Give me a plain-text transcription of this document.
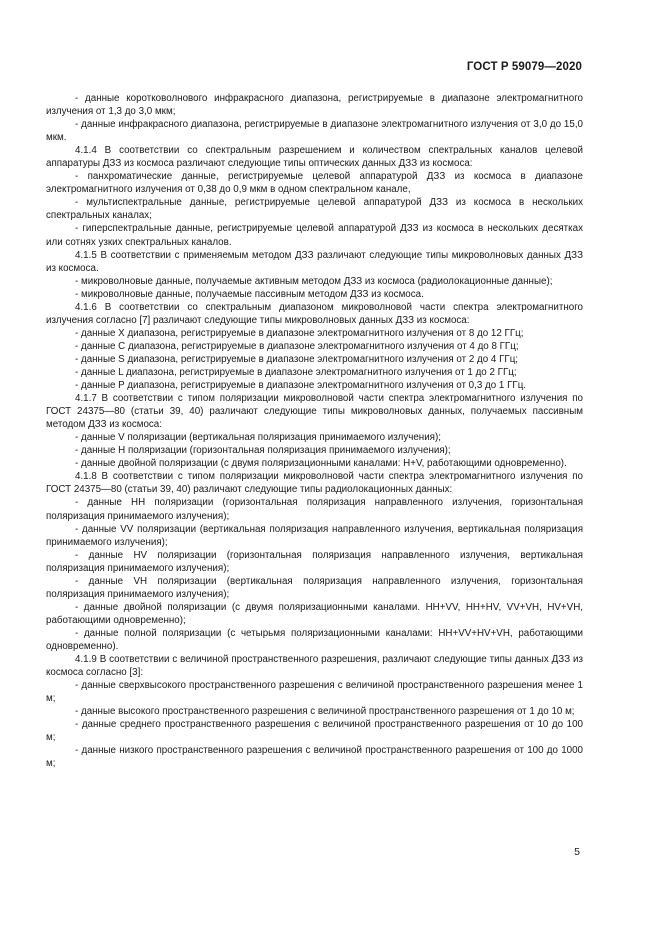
ГОСТ Р 59079—2020

- данные коротковолнового инфракрасного диапазона, регистрируемые в диапазоне электромагнитного излучения от 1,3 до 3,0 мкм;

- данные инфракрасного диапазона, регистрируемые в диапазоне электромагнитного излучения от 3,0 до 15,0 мкм.

4.1.4 В соответствии со спектральным разрешением и количеством спектральных каналов целевой аппаратуры ДЗЗ из космоса различают следующие типы оптических данных ДЗЗ из космоса:

- панхроматические данные, регистрируемые целевой аппаратурой ДЗЗ из космоса в диапазоне электромагнитного излучения от 0,38 до 0,9 мкм в одном спектральном канале,

- мультиспектральные данные, регистрируемые целевой аппаратурой ДЗЗ из космоса в нескольких спектральных каналах;

- гиперспектральные данные, регистрируемые целевой аппаратурой ДЗЗ из космоса в нескольких десятках или сотнях узких спектральных каналов.

4.1.5 В соответствии с применяемым методом ДЗЗ различают следующие типы микроволновых данных ДЗЗ из космоса.

- микроволновые данные, получаемые активным методом ДЗЗ из космоса (радиолокационные данные);

- микроволновые данные, получаемые пассивным методом ДЗЗ из космоса.

4.1.6 В соответствии со спектральным диапазоном микроволновой части спектра электромагнитного излучения согласно [7] различают следующие типы микроволновых данных ДЗЗ из космоса:

- данные X диапазона, регистрируемые в диапазоне электромагнитного излучения от 8 до 12 ГГц;

- данные C диапазона, регистрируемые в диапазоне электромагнитного излучения от 4 до 8 ГГц;

- данные S диапазона, регистрируемые в диапазоне электромагнитного излучения от 2 до 4 ГГц;

- данные L диапазона, регистрируемые в диапазоне электромагнитного излучения от 1 до 2 ГГц;

- данные P диапазона, регистрируемые в диапазоне электромагнитного излучения от 0,3 до 1 ГГц.

4.1.7 В соответствии с типом поляризации микроволновой части спектра электромагнитного излучения по ГОСТ 24375—80 (статьи 39, 40) различают следующие типы микроволновых данных, получаемых пассивным методом ДЗЗ из космоса:

- данные V поляризации (вертикальная поляризация принимаемого излучения);

- данные H поляризации (горизонтальная поляризация принимаемого излучения);

- данные двойной поляризации (с двумя поляризационными каналами: H+V, работающими одновременно).

4.1.8 В соответствии с типом поляризации микроволновой части спектра электромагнитного излучения по ГОСТ 24375—80 (статьи 39, 40) различают следующие типы радиолокационных данных:

- данные HH поляризации (горизонтальная поляризация направленного излучения, горизонтальная поляризация принимаемого излучения);

- данные VV поляризации (вертикальная поляризация направленного излучения, вертикальная поляризация принимаемого излучения);

- данные HV поляризации (горизонтальная поляризация направленного излучения, вертикальная поляризация принимаемого излучения);

- данные VH поляризации (вертикальная поляризация направленного излучения, горизонтальная поляризация принимаемого излучения);

- данные двойной поляризации (с двумя поляризационными каналами. HH+VV, HH+HV, VV+VH, HV+VH, работающими одновременно);

- данные полной поляризации (с четырьмя поляризационными каналами: HH+VV+HV+VH, работающими одновременно).

4.1.9 В соответствии с величиной пространственного разрешения, различают следующие типы данных ДЗЗ из космоса согласно [3]:

- данные сверхвысокого пространственного разрешения с величиной пространственного разрешения менее 1 м;

- данные высокого пространственного разрешения с величиной пространственного разрешения от 1 до 10 м;

- данные среднего пространственного разрешения с величиной пространственного разрешения от 10 до 100 м;

- данные низкого пространственного разрешения с величиной пространственного разрешения от 100 до 1000 м;

5
